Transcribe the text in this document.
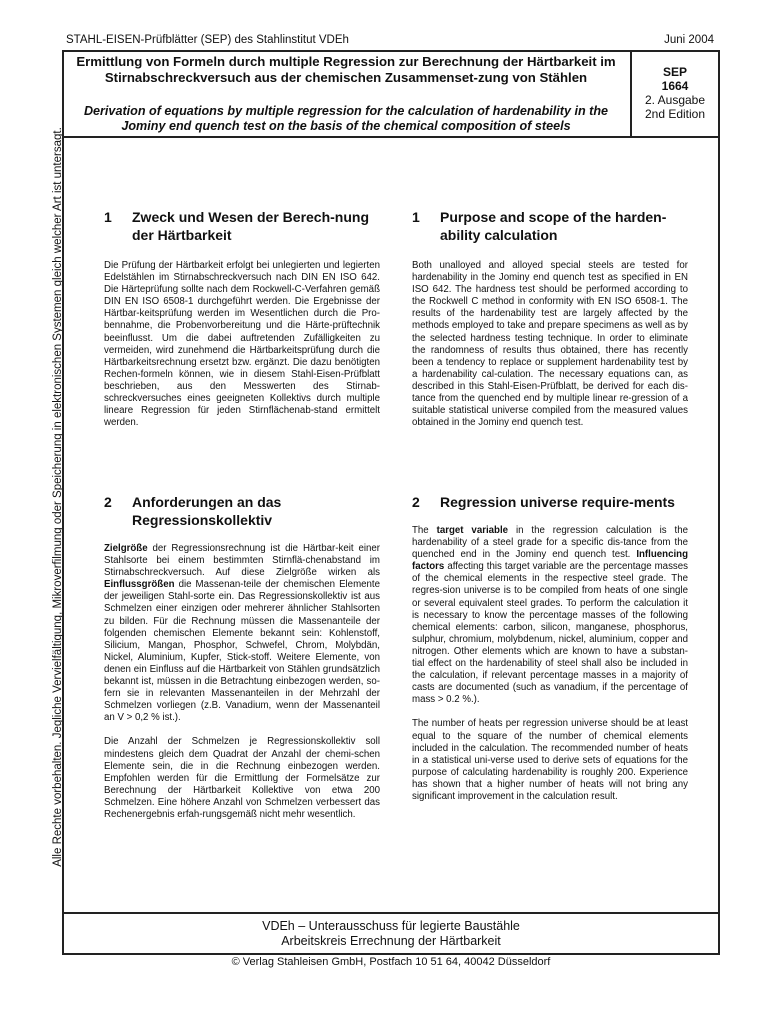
STAHL-EISEN-Prüfblätter (SEP) des Stahlinstitut VDEh	Juni 2004
Alle Rechte vorbehalten. Jegliche Vervielfältigung, Mikroverfilmung oder Speicherung in elektronischen Systemen gleich welcher Art ist untersagt.
Ermittlung von Formeln durch multiple Regression zur Berechnung der Härtbarkeit im Stirnabschreckversuch aus der chemischen Zusammenset-zung von Stählen
Derivation of equations by multiple regression for the calculation of hardenability in the Jominy end quench test on the basis of the chemical composition of steels
SEP
1664
2. Ausgabe
2nd Edition
VDEh – Unterausschuss für legierte Baustähle
Arbeitskreis Errechnung der Härtbarkeit
1	Zweck und Wesen der Berech-nung der Härtbarkeit

Die Prüfung der Härtbarkeit erfolgt bei unlegierten und legierten Edelstählen im Stirnabschreckversuch nach DIN EN ISO 642. Die Härteprüfung sollte nach dem Rockwell-C-Verfahren gemäß DIN EN ISO 6508-1 durchgeführt werden. Die Ergebnisse der Härtbar-keitsprüfung werden im Wesentlichen durch die Pro-bennahme, die Probenvorbereitung und die Härte-prüftechnik beeinflusst. Um die dabei auftretenden Zufälligkeiten zu vermeiden, wird zunehmend die Härtbarkeitsprüfung durch die Härtbarkeitsrechnung ersetzt bzw. ergänzt. Die dazu benötigten Rechen-formeln können, wie in diesem Stahl-Eisen-Prüfblatt beschrieben, aus den Messwerten des Stirnab-schreckversuches eines geeigneten Kollektivs durch multiple lineare Regression für jeden Stirnflächenab-stand ermittelt werden.

1	Purpose and scope of the harden-ability calculation

Both unalloyed and alloyed special steels are tested for hardenability in the Jominy end quench test as specified in EN ISO 642. The hardness test should be performed according to the Rockwell C method in conformity with EN ISO 6508-1. The results of the hardenability test are largely affected by the methods employed to take and prepare specimens as well as by the selected hardness testing technique. In order to eliminate the randomness of results thus obtained, there has recently been a tendency to replace or supplement hardenability test by a hardenability cal-culation. The necessary equations can, as described in this Stahl-Eisen-Prüfblatt, be derived for each dis-tance from the quenched end by multiple linear re-gression of a suitable statistical universe compiled from the measured values obtained in the Jominy end quench test.

2	Anforderungen an das Regressionskollektiv

Zielgröße der Regressionsrechnung ist die Härtbar-keit einer Stahlsorte bei einem bestimmten Stirnflä-chenabstand im Stirnabschreckversuch. Auf diese Zielgröße wirken als Einflussgrößen die Massenan-teile der chemischen Elemente der jeweiligen Stahl-sorte ein. Das Regressionskollektiv ist aus Schmelzen einer einzigen oder mehrerer ähnlicher Stahlsorten zu bilden. Für die Rechnung müssen die Massenanteile der folgenden chemischen Elemente bekannt sein: Kohlenstoff, Silicium, Mangan, Phosphor, Schwefel, Chrom, Molybdän, Nickel, Aluminium, Kupfer, Stick-stoff. Weitere Elemente, von denen ein Einfluss auf die Härtbarkeit von Stählen grundsätzlich bekannt ist, müssen in die Betrachtung einbezogen werden, so-fern sie in relevanten Massenanteilen in der Mehrzahl der Schmelzen vorliegen (z.B. Vanadium, wenn der Massenanteil an V > 0,2 % ist.).

Die Anzahl der Schmelzen je Regressionskollektiv soll mindestens gleich dem Quadrat der Anzahl der chemi-schen Elemente sein, die in die Rechnung einbezogen werden. Empfohlen werden für die Ermittlung der Formelsätze zur Berechnung der Härtbarkeit Kollektive von etwa 200 Schmelzen. Eine höhere Anzahl von Schmelzen verbessert das Rechenergebnis erfah-rungsgemäß nicht mehr wesentlich.

2	Regression universe require-ments

The target variable in the regression calculation is the hardenability of a steel grade for a specific dis-tance from the quenched end in the Jominy end quench test. Influencing factors affecting this target variable are the percentage masses of the chemical elements in the respective steel grade. The regres-sion universe is to be compiled from heats of one single or several equivalent steel grades. To perform the calculation it is necessary to know the percentage masses of the following chemical elements: carbon, silicon, manganese, phosphorus, sulphur, chromium, molybdenum, nickel, aluminium, copper and nitrogen. Other elements which are known to have a substan-tial effect on the hardenability of steel shall also be included in the calculation, if relevant percentage masses in a majority of casts are documented (such as vanadium, if the percentage of mass > 0.2 %.).

The number of heats per regression universe should be at least equal to the square of the number of chemical elements included in the calculation. The recommended number of heats in a statistical uni-verse used to derive sets of equations for the purpose of calculating hardenability is roughly 200. Experience has shown that a higher number of heats will not bring any significant improvement in the calculation result.

© Verlag Stahleisen GmbH, Postfach 10 51 64, 40042 Düsseldorf
